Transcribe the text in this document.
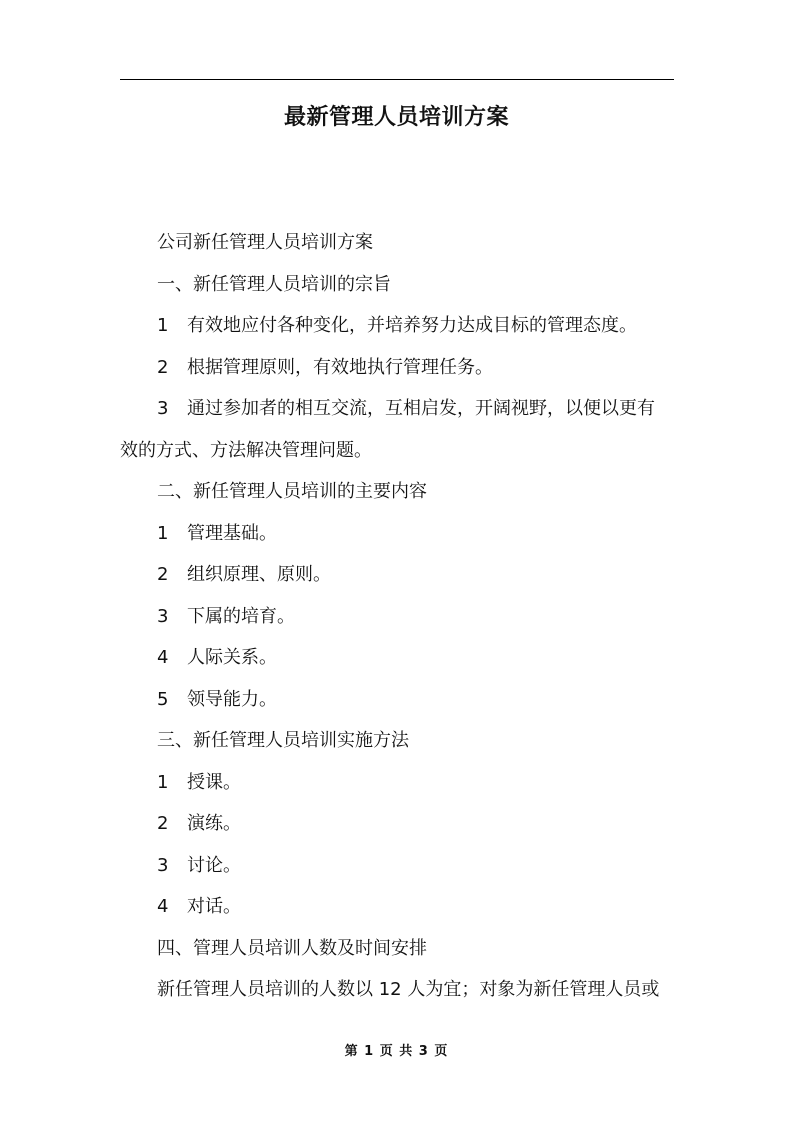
最新管理人员培训方案
公司新任管理人员培训方案
一、新任管理人员培训的宗旨
1 有效地应付各种变化，并培养努力达成目标的管理态度。
2 根据管理原则，有效地执行管理任务。
3 通过参加者的相互交流，互相启发，开阔视野，以便以更有
效的方式、方法解决管理问题。
二、新任管理人员培训的主要内容
1 管理基础。
2 组织原理、原则。
3 下属的培育。
4 人际关系。
5 领导能力。
三、新任管理人员培训实施方法
1 授课。
2 演练。
3 讨论。
4 对话。
四、管理人员培训人数及时间安排
新任管理人员培训的人数以 12 人为宜；对象为新任管理人员或
第 1 页 共 3 页
